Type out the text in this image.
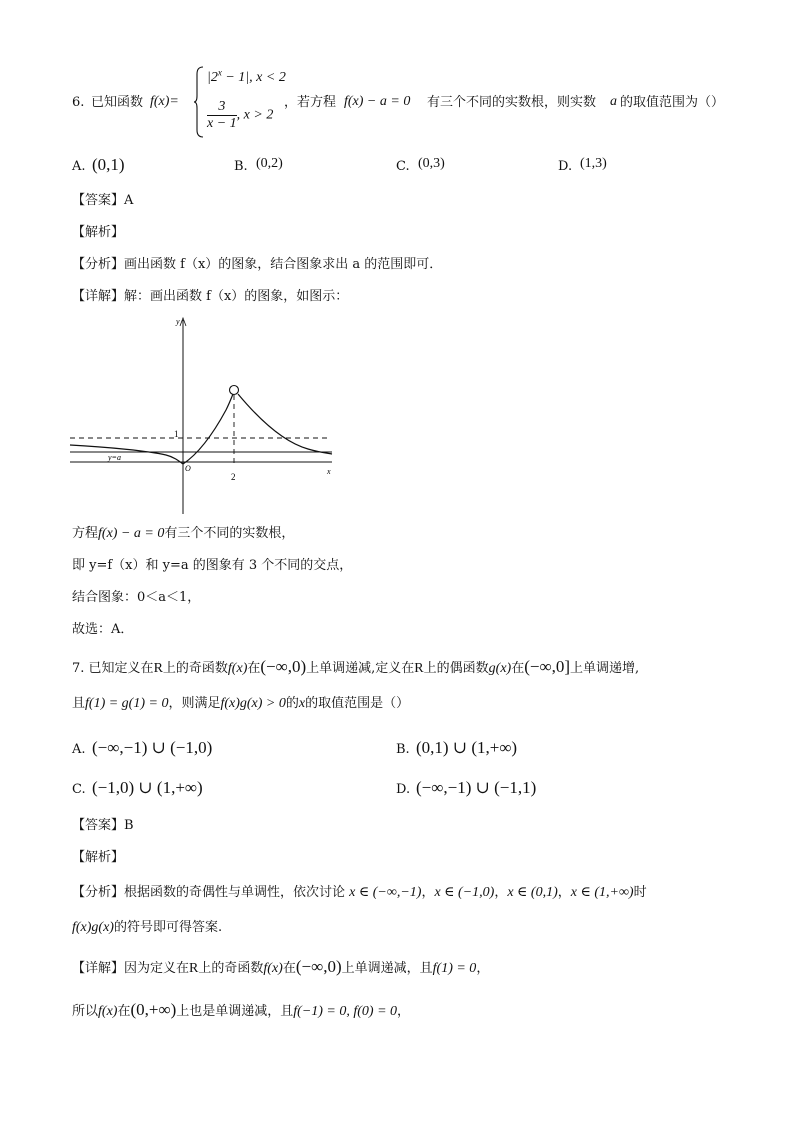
6. 已知函数 f(x)=
$|2^x - 1|$, x < 2
$\frac{3}{x - 1}$ , x > 2
，若方程 f(x) − a = 0 有三个不同的实数根，则实数 a 的取值范围为（）
A. (0,1)	B. (0,2)	C. (0,3)	D. (1,3)
【答案】A
【解析】
【分析】画出函数 f（x）的图象，结合图象求出 a 的范围即可．
【详解】解：画出函数 f（x）的图象，如图示：
y
x
O
1
y=a
2
方程f(x) − a = 0有三个不同的实数根，
即 y=f（x）和 y=a 的图象有 3 个不同的交点，
结合图象：0＜a＜1，
故选：A．
7. 已知定义在R上的奇函数f(x)在(−∞,0)上单调递减,定义在R上的偶函数g(x)在(−∞,0]上单调递增,
且f(1) = g(1) = 0，则满足f(x)g(x) > 0的x的取值范围是（）
A. (−∞,−1) ∪ (−1,0)	B. (0,1) ∪ (1,+∞)
C. (−1,0) ∪ (1,+∞)	D. (−∞,−1) ∪ (−1,1)
【答案】B
【解析】
【分析】根据函数的奇偶性与单调性，依次讨论 x ∈ (−∞,−1)，x ∈ (−1,0)，x ∈ (0,1)，x ∈ (1,+∞)时
f(x)g(x)的符号即可得答案.
【详解】因为定义在R上的奇函数f(x)在(−∞,0)上单调递减，且f(1) = 0，
所以f(x)在(0,+∞)上也是单调递减，且f(−1) = 0, f(0) = 0，
